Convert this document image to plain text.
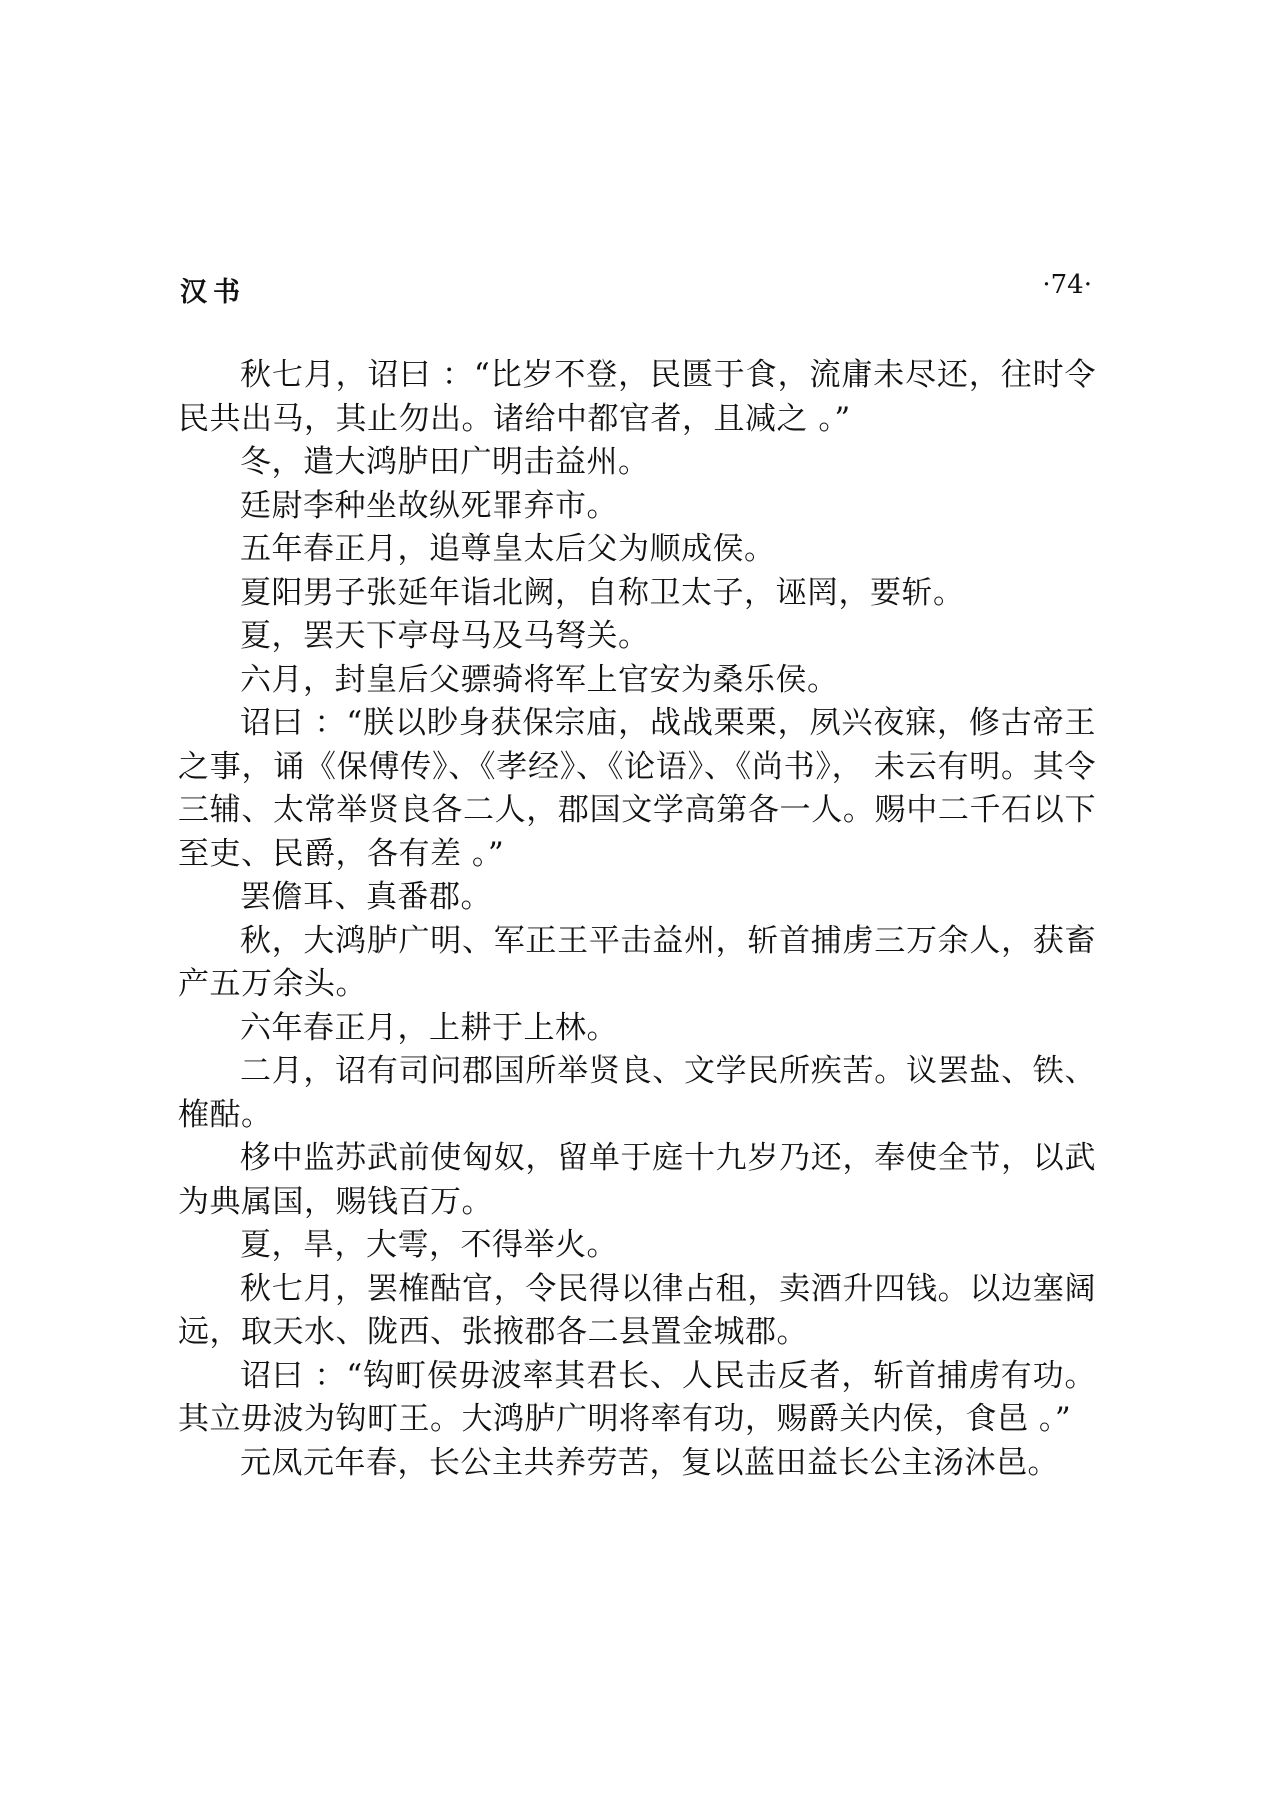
汉书	·74·

秋七月，诏曰 ：“比岁不登，民匮于食，流庸未尽还，往时令民共出马，其止勿出。诸给中都官者，且减之 。”

冬，遣大鸿胪田广明击益州。

廷尉李种坐故纵死罪弃市。

五年春正月，追尊皇太后父为顺成侯。

夏阳男子张延年诣北阙，自称卫太子，诬罔，要斩。

夏，罢天下亭母马及马弩关。

六月，封皇后父骠骑将军上官安为桑乐侯。

诏曰 ：“朕以眇身获保宗庙，战战栗栗，夙兴夜寐，修古帝王之事，诵《保傅传》、《孝经》、《论语》、《尚书》， 未云有明。其令三辅、太常举贤良各二人，郡国文学高第各一人。赐中二千石以下至吏、民爵，各有差 。”

罢儋耳、真番郡。

秋，大鸿胪广明、军正王平击益州，斩首捕虏三万余人，获畜产五万余头。

六年春正月，上耕于上林。

二月，诏有司问郡国所举贤良、文学民所疾苦。议罢盐、铁、榷酤。

栘中监苏武前使匈奴，留单于庭十九岁乃还，奉使全节，以武为典属国，赐钱百万。

夏，旱，大雩，不得举火。

秋七月，罢榷酤官，令民得以律占租，卖酒升四钱。以边塞阔远，取天水、陇西、张掖郡各二县置金城郡。

诏曰 ：“钩町侯毋波率其君长、人民击反者，斩首捕虏有功。其立毋波为钩町王。大鸿胪广明将率有功，赐爵关内侯，食邑 。”

元凤元年春，长公主共养劳苦，复以蓝田益长公主汤沐邑。
